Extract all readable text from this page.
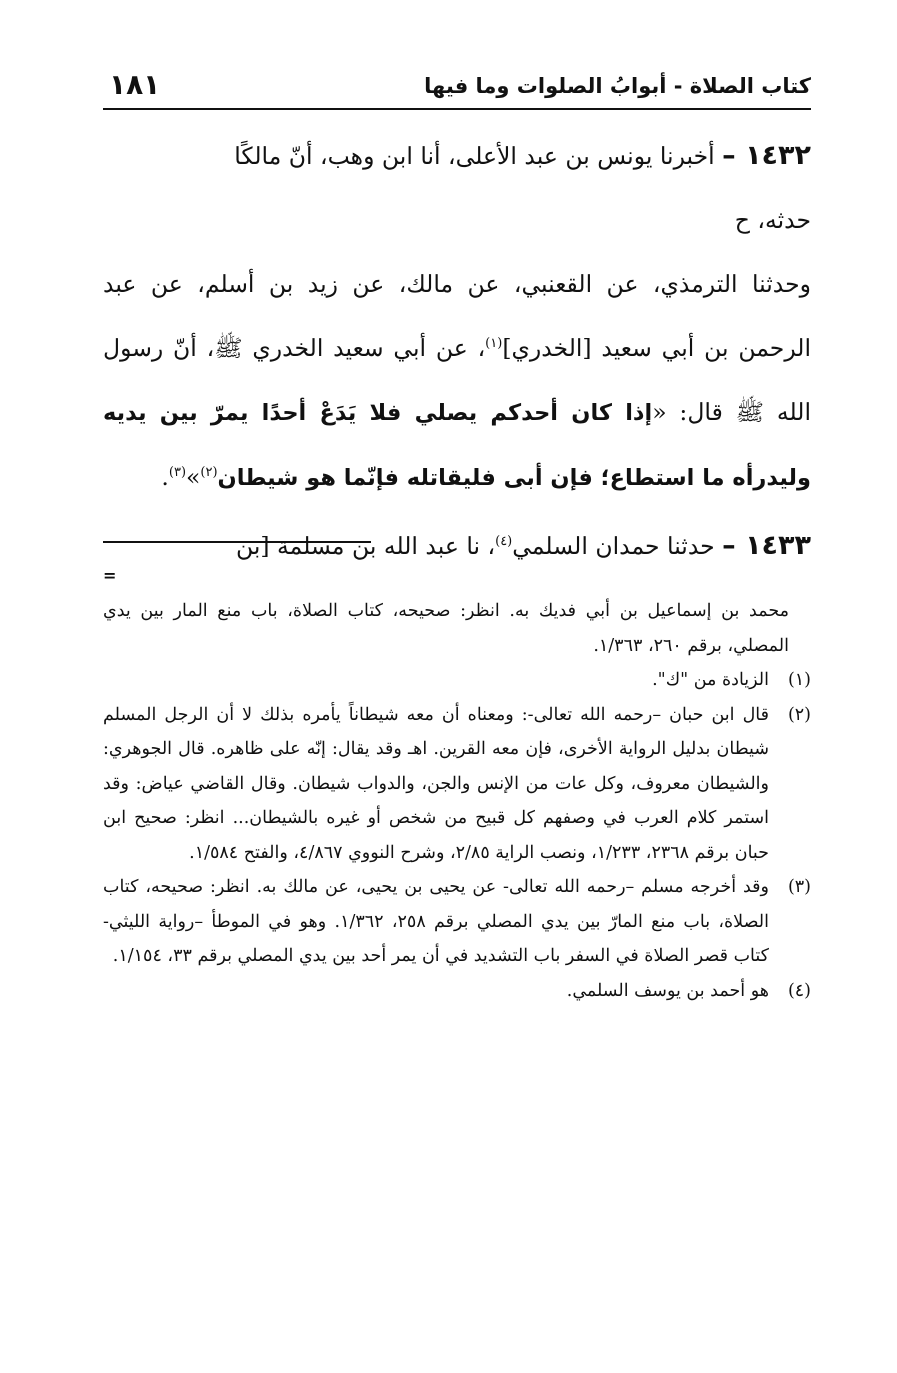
كتاب الصلاة - أبوابُ الصلوات وما فيها
١٨١

١٤٣٢ – أخبرنا يونس بن عبد الأعلى، أنا ابن وهب، أنّ مالكًا

حدثه، ح

وحدثنا الترمذي، عن القعنبي، عن مالك، عن زيد بن أسلم، عن عبد الرحمن بن أبي سعيد [الخدري]$^{(١)}$، عن أبي سعيد الخدري ﷺ، أنّ رسول الله ﷺ قال: «إذا كان أحدكم يصلي فلا يَدَعْ أحدًا يمرّ بين يديه وليدرأه ما استطاع؛ فإن أبى فليقاتله فإنّما هو شيطان$^{(٢)}$»$^{(٣)}$.

١٤٣٣ – حدثنا حمدان السلمي$^{(٤)}$، نا عبد الله بن مسلمة [بن

=
محمد بن إسماعيل بن أبي فديك به. انظر: صحيحه، كتاب الصلاة، باب منع المار بين يدي المصلي، برقم ٢٦٠، ١/٣٦٣.
(١)
الزيادة من "ك".
(٢)
قال ابن حبان –رحمه الله تعالى-: ومعناه أن معه شيطاناً يأمره بذلك لا أن الرجل المسلم شيطان بدليل الرواية الأخرى، فإن معه القرين. اهـ وقد يقال: إنّه على ظاهره. قال الجوهري: والشيطان معروف، وكل عات من الإنس والجن، والدواب شيطان. وقال القاضي عياض: وقد استمر كلام العرب في وصفهم كل قبيح من شخص أو غيره بالشيطان... انظر: صحيح ابن حبان برقم ٢٣٦٨، ١/٢٣٣، ونصب الراية ٢/٨٥، وشرح النووي ٤/٨٦٧، والفتح ١/٥٨٤.
(٣)
وقد أخرجه مسلم –رحمه الله تعالى- عن يحيى بن يحيى، عن مالك به. انظر: صحيحه، كتاب الصلاة، باب منع المارّ بين يدي المصلي برقم ٢٥٨، ١/٣٦٢. وهو في الموطأ –رواية الليثي- كتاب قصر الصلاة في السفر باب التشديد في أن يمر أحد بين يدي المصلي برقم ٣٣، ١/١٥٤.
(٤)
هو أحمد بن يوسف السلمي.
